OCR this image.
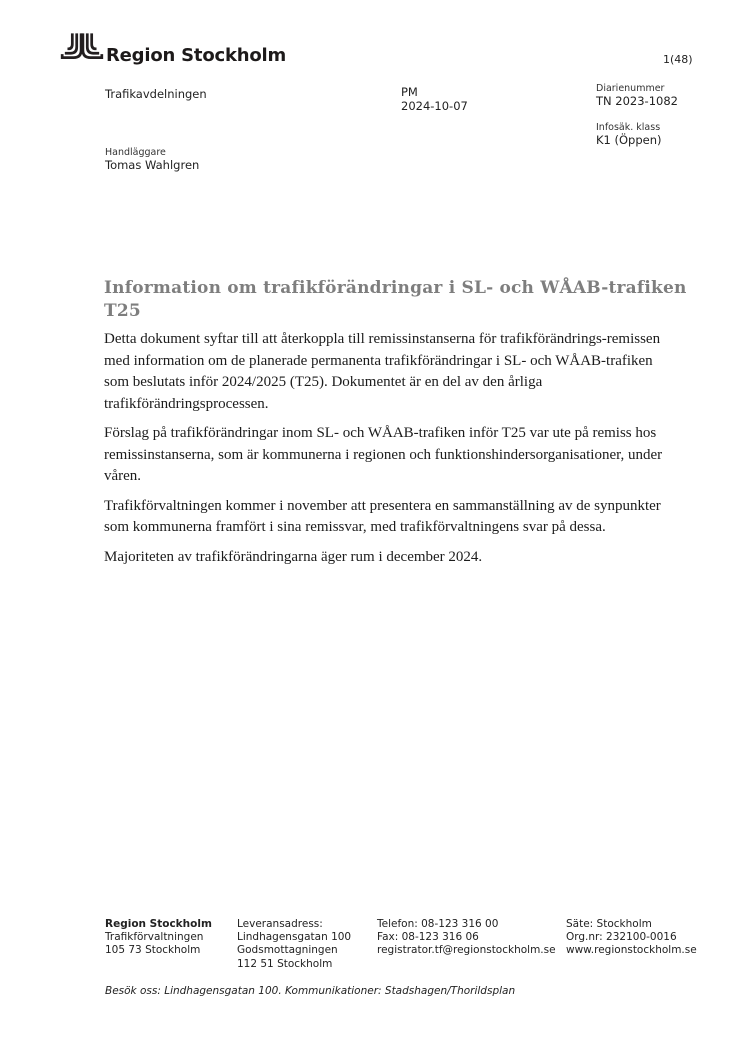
Region Stockholm	1(48)
Trafikavdelningen	PM
2024-10-07
Diarienummer
TN 2023-1082
Infosäk. klass
K1 (Öppen)
Handläggare
Tomas Wahlgren
Information om trafikförändringar i SL- och WÅAB-trafiken
T25

Detta dokument syftar till att återkoppla till remissinstanserna för trafikförändrings-remissen med information om de planerade permanenta trafikförändringar i SL- och WÅAB-trafiken som beslutats inför 2024/2025 (T25). Dokumentet är en del av den årliga trafikförändringsprocessen.

Förslag på trafikförändringar inom SL- och WÅAB-trafiken inför T25 var ute på remiss hos remissinstanserna, som är kommunerna i regionen och funktionshindersorganisationer, under våren.

Trafikförvaltningen kommer i november att presentera en sammanställning av de synpunkter som kommunerna framfört i sina remissvar, med trafikförvaltningens svar på dessa.

Majoriteten av trafikförändringarna äger rum i december 2024.

Region Stockholm
Trafikförvaltningen
105 73 Stockholm
Leveransadress:
Lindhagensgatan 100
Godsmottagningen
112 51 Stockholm
Telefon: 08-123 316 00
Fax: 08-123 316 06
registrator.tf@regionstockholm.se
Säte: Stockholm
Org.nr: 232100-0016
www.regionstockholm.se
Besök oss: Lindhagensgatan 100. Kommunikationer: Stadshagen/Thorildsplan
